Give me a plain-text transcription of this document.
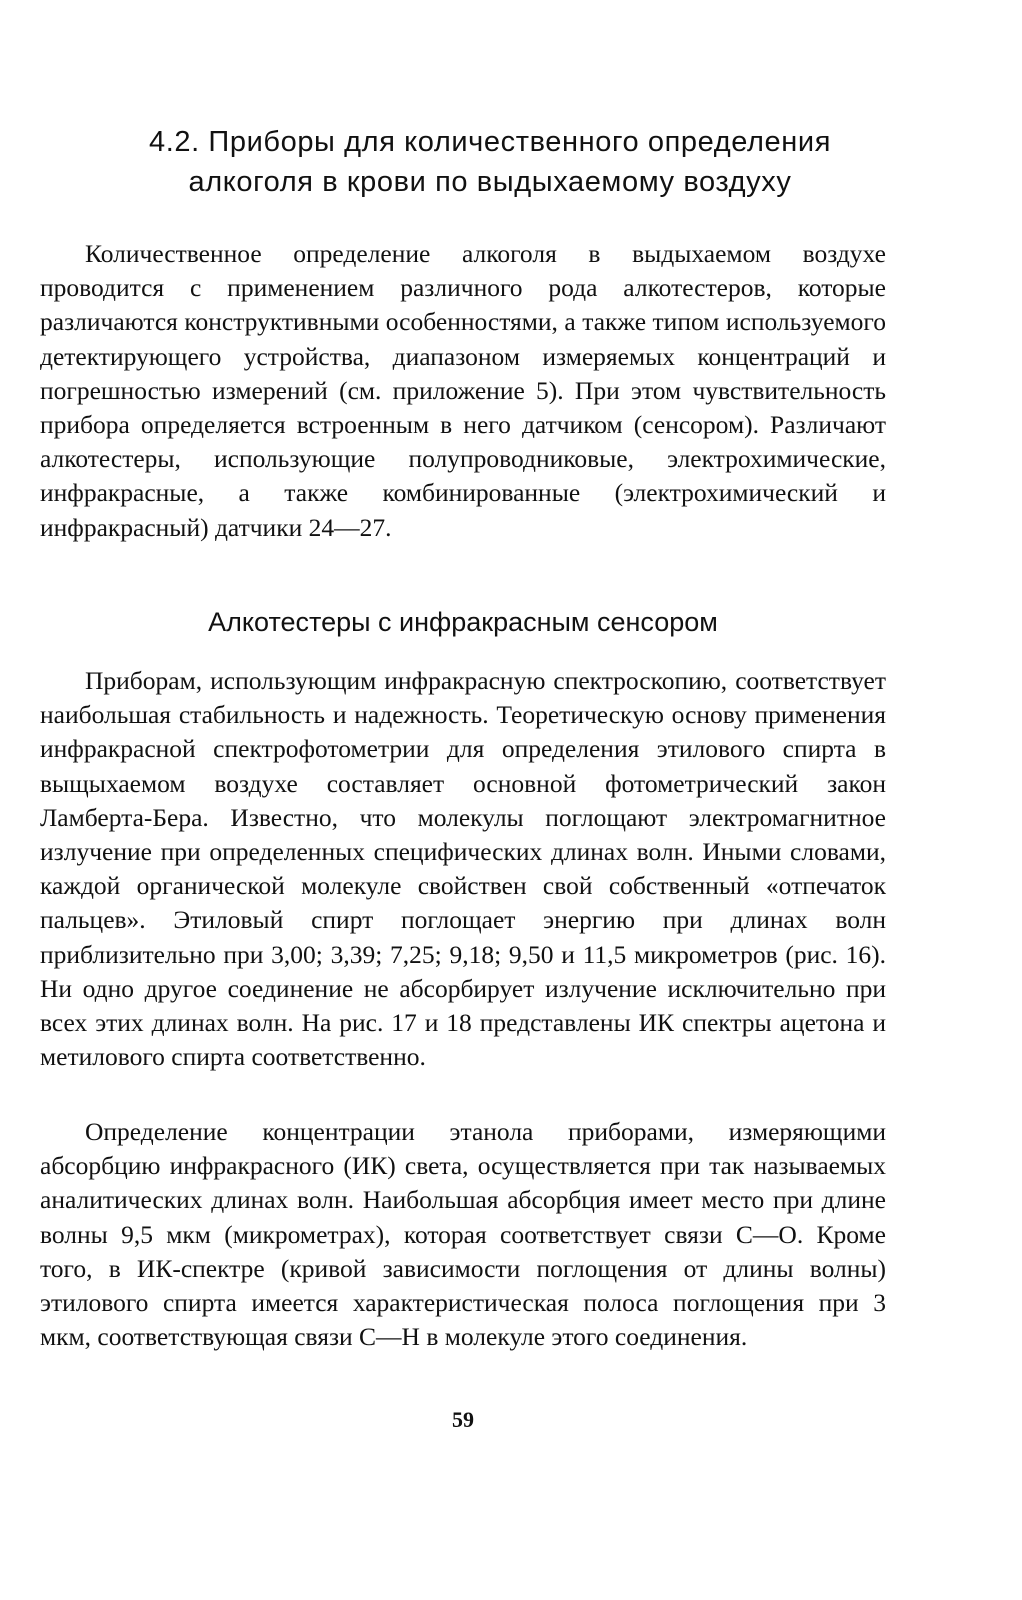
4.2. Приборы для количественного определения
алкоголя в крови по выдыхаемому воздуху

Количественное определение алкоголя в выдыхаемом воздухе проводится с применением различного рода алкотестеров, которые различаются конструктивными особенностями, а также типом используемого детектирующего устройства, диапазоном измеряемых концентраций и погрешностью измерений (см. приложение 5). При этом чувствительность прибора определяется встроенным в него датчиком (сенсором). Различают алкотестеры, использующие полупроводниковые, электрохимические, инфракрасные, а также комбинированные (электрохимический и инфракрасный) датчики 24—27.

Алкотестеры с инфракрасным сенсором

Приборам, использующим инфракрасную спектроскопию, соответствует наибольшая стабильность и надежность. Теоретическую основу применения инфракрасной спектрофотометрии для определения этилового спирта в выщыхаемом воздухе составляет основной фотометрический закон Ламберта-Бера. Известно, что молекулы поглощают электромагнитное излучение при определенных специфических длинах волн. Иными словами, каждой органической молекуле свойствен свой собственный «отпечаток пальцев». Этиловый спирт поглощает энергию при длинах волн приблизительно при 3,00; 3,39; 7,25; 9,18; 9,50 и 11,5 микрометров (рис. 16). Ни одно другое соединение не абсорбирует излучение исключительно при всех этих длинах волн. На рис. 17 и 18 представлены ИК спектры ацетона и метилового спирта соответственно.

Определение концентрации этанола приборами, измеряющими абсорбцию инфракрасного (ИК) света, осуществляется при так называемых аналитических длинах волн. Наибольшая абсорбция имеет место при длине волны 9,5 мкм (микрометрах), которая соответствует связи С—О. Кроме того, в ИК-спектре (кривой зависимости поглощения от длины волны) этилового спирта имеется характеристическая полоса поглощения при 3 мкм, соответствующая связи С—Н в молекуле этого соединения.

59
